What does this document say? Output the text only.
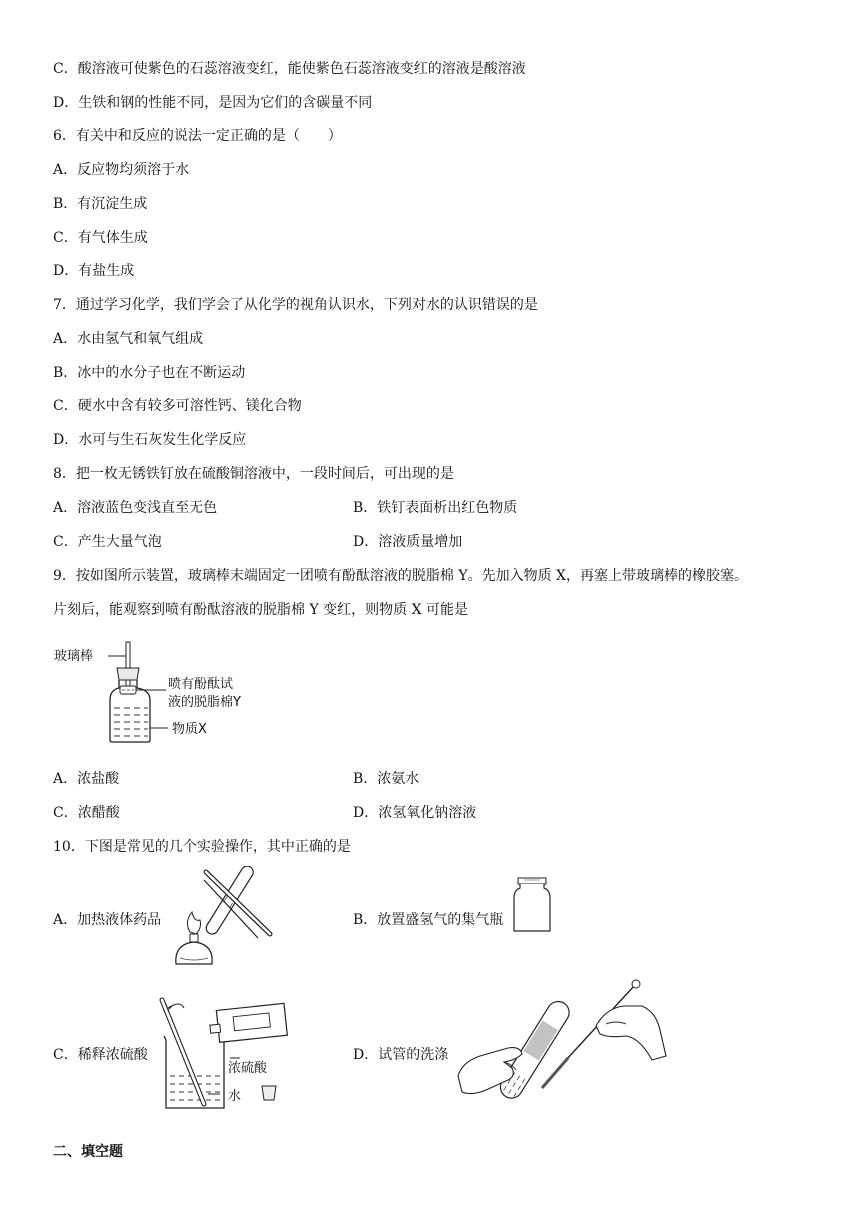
C．酸溶液可使紫色的石蕊溶液变红，能使紫色石蕊溶液变红的溶液是酸溶液
D．生铁和钢的性能不同，是因为它们的含碳量不同
6．有关中和反应的说法一定正确的是（　　）
A．反应物均须溶于水
B．有沉淀生成
C．有气体生成
D．有盐生成
7．通过学习化学，我们学会了从化学的视角认识水，下列对水的认识错误的是
A．水由氢气和氧气组成
B．冰中的水分子也在不断运动
C．硬水中含有较多可溶性钙、镁化合物
D．水可与生石灰发生化学反应
8．把一枚无锈铁钉放在硫酸铜溶液中，一段时间后，可出现的是
A．溶液蓝色变浅直至无色	B．铁钉表面析出红色物质
C．产生大量气泡	D．溶液质量增加
9．按如图所示装置，玻璃棒末端固定一团喷有酚酞溶液的脱脂棉 Y。先加入物质 X，再塞上带玻璃棒的橡胶塞。
片刻后，能观察到喷有酚酞溶液的脱脂棉 Y 变红，则物质 X 可能是
玻璃棒
喷有酚酞试
液的脱脂棉Y
物质X
A．浓盐酸	B．浓氨水
C．浓醋酸	D．浓氢氧化钠溶液
10．下图是常见的几个实验操作，其中正确的是
A．加热液体药品	B．放置盛氢气的集气瓶
C．稀释浓硫酸
浓硫酸
水
D．试管的洗涤
二、填空题
